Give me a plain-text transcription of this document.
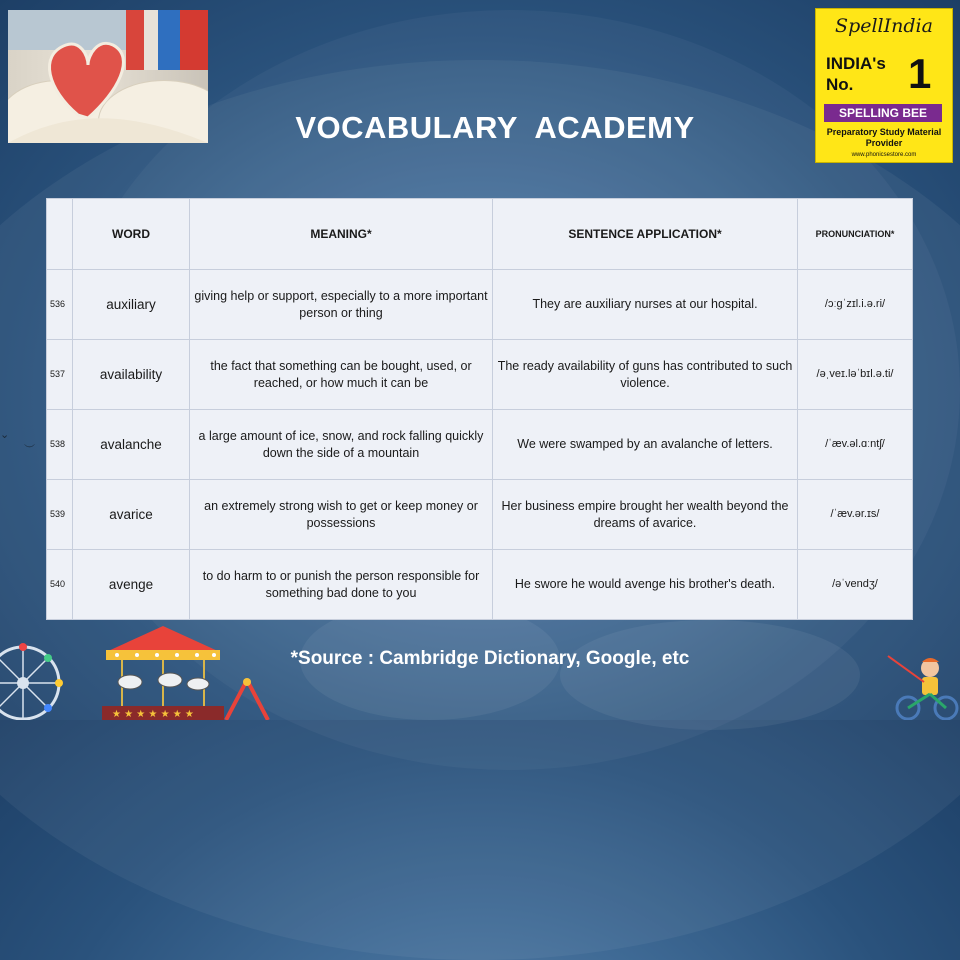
VOCABULARY  ACADEMY
SpellIndia
INDIA's
No. 1
SPELLING BEE
Preparatory Study Material Provider
www.phonicsestore.com
	WORD	MEANING*	SENTENCE APPLICATION*	PRONUNCIATION*
536	auxiliary	giving help or support, especially to a more important person or thing	They are auxiliary nurses at our hospital.	/ɔːɡˈzɪl.i.ə.ri/
537	availability	the fact that something can be bought, used, or reached, or how much it can be	The ready availability of guns has contributed to such violence.	/əˌveɪ.ləˈbɪl.ə.ti/
538	avalanche	a large amount of ice, snow, and rock falling quickly down the side of a mountain	We were swamped by an avalanche of letters.	/ˈæv.əl.ɑːntʃ/
539	avarice	an extremely strong wish to get or keep money or possessions	Her business empire brought her wealth beyond the dreams of avarice.	/ˈæv.ər.ɪs/
540	avenge	to do harm to or punish the person responsible for something bad done to you	He swore he would avenge his brother's death.	/əˈvendʒ/
*Source : Cambridge Dictionary, Google, etc
︶
⌄
★ ★ ★ ★ ★ ★ ★
